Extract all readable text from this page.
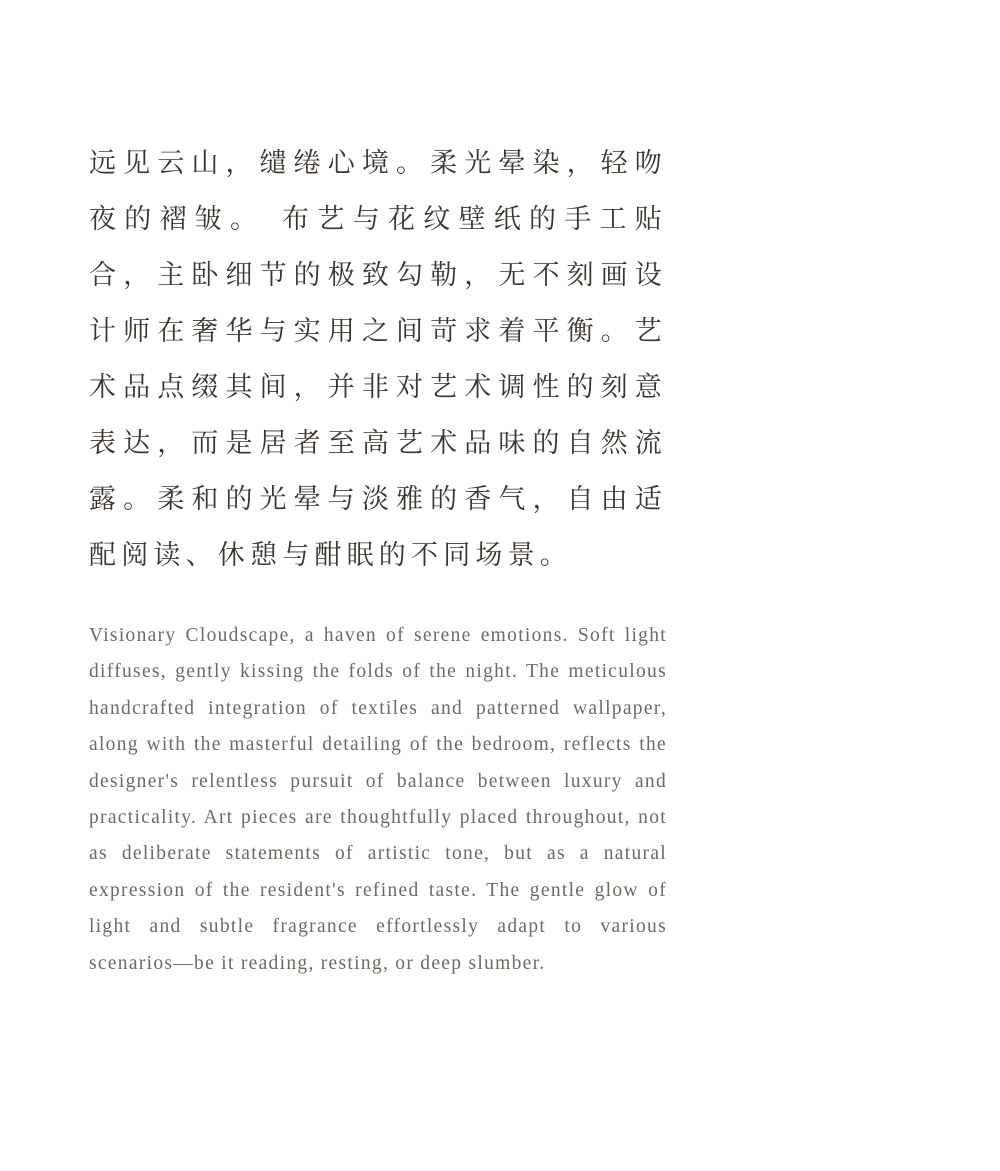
远见云山，缱绻心境。柔光晕染，轻吻夜的褶皱。 布艺与花纹壁纸的手工贴合，主卧细节的极致勾勒，无不刻画设计师在奢华与实用之间苛求着平衡。艺术品点缀其间，并非对艺术调性的刻意表达，而是居者至高艺术品味的自然流露。柔和的光晕与淡雅的香气，自由适配阅读、休憩与酣眠的不同场景。

Visionary Cloudscape, a haven of serene emotions. Soft light diffuses, gently kissing the folds of the night. The meticulous handcrafted integration of textiles and patterned wallpaper, along with the masterful detailing of the bedroom, reflects the designer's relentless pursuit of balance between luxury and practicality. Art pieces are thoughtfully placed throughout, not as deliberate statements of artistic tone, but as a natural expression of the resident's refined taste. The gentle glow of light and subtle fragrance effortlessly adapt to various scenarios—be it reading, resting, or deep slumber.
